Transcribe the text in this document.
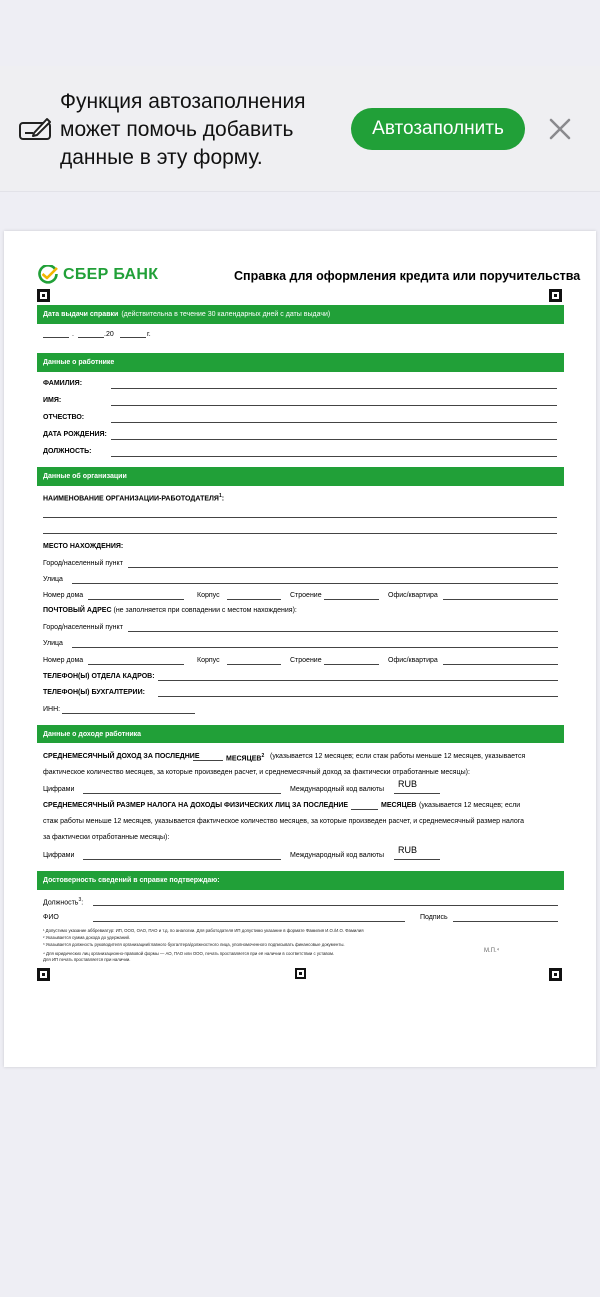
Функция автозаполнения может помочь добавить данные в эту форму.
Автозаполнить
СБЕР БАНК	Справка для оформления кредита или поручительства
Дата выдачи справки (действительна в течение 30 календарных дней с даты выдачи)
.	.20	г.
Данные о работнике
ФАМИЛИЯ:
ИМЯ:
ОТЧЕСТВО:
ДАТА РОЖДЕНИЯ:
ДОЛЖНОСТЬ:
Данные об организации
НАИМЕНОВАНИЕ ОРГАНИЗАЦИИ-РАБОТОДАТЕЛЯ$^1$:
МЕСТО НАХОЖДЕНИЯ:
Город/населенный пункт
Улица
Номер дома	Корпус	Строение	Офис/квартира
ПОЧТОВЫЙ АДРЕС (не заполняется при совпадении с местом нахождения):
Город/населенный пункт
Улица
Номер дома	Корпус	Строение	Офис/квартира
ТЕЛЕФОН(Ы) ОТДЕЛА КАДРОВ:
ТЕЛЕФОН(Ы) БУХГАЛТЕРИИ:
ИНН:
Данные о доходе работника
СРЕДНЕМЕСЯЧНЫЙ ДОХОД ЗА ПОСЛЕДНИЕ	МЕСЯЦЕВ$^2$ (указывается 12 месяцев; если стаж работы меньше 12 месяцев, указывается
фактическое количество месяцев, за которые произведен расчет, и среднемесячный доход за фактически отработанные месяцы):
Цифрами	Международный код валюты
RUB
СРЕДНЕМЕСЯЧНЫЙ РАЗМЕР НАЛОГА НА ДОХОДЫ ФИЗИЧЕСКИХ ЛИЦ ЗА ПОСЛЕДНИЕ	МЕСЯЦЕВ (указывается 12 месяцев; если
стаж работы меньше 12 месяцев, указывается фактическое количество месяцев, за которые произведен расчет, и среднемесячный размер налога
за фактически отработанные месяцы):
Цифрами	Международный код валюты
RUB
Достоверность сведений в справке подтверждаю:
Должность$^3$:
ФИО	Подпись
¹ Допустимо указание аббревиатур: ИП, ООО, ОАО, ПАО и т.д. по аналогии. Для работодателя ИП допустимо указание в формате Фамилия И.О./И.О. Фамилия
² Указывается сумма дохода до удержаний.
³ Указывается должность руководителя организации/главного бухгалтера/должностного лица, уполномоченного подписывать финансовые документы.
⁴ Для юридических лиц организационно-правовой формы — АО, ПАО или ООО, печать проставляется при её наличии в соответствии с уставом.
Для ИП печать проставляется при наличии.
М.П.⁴
